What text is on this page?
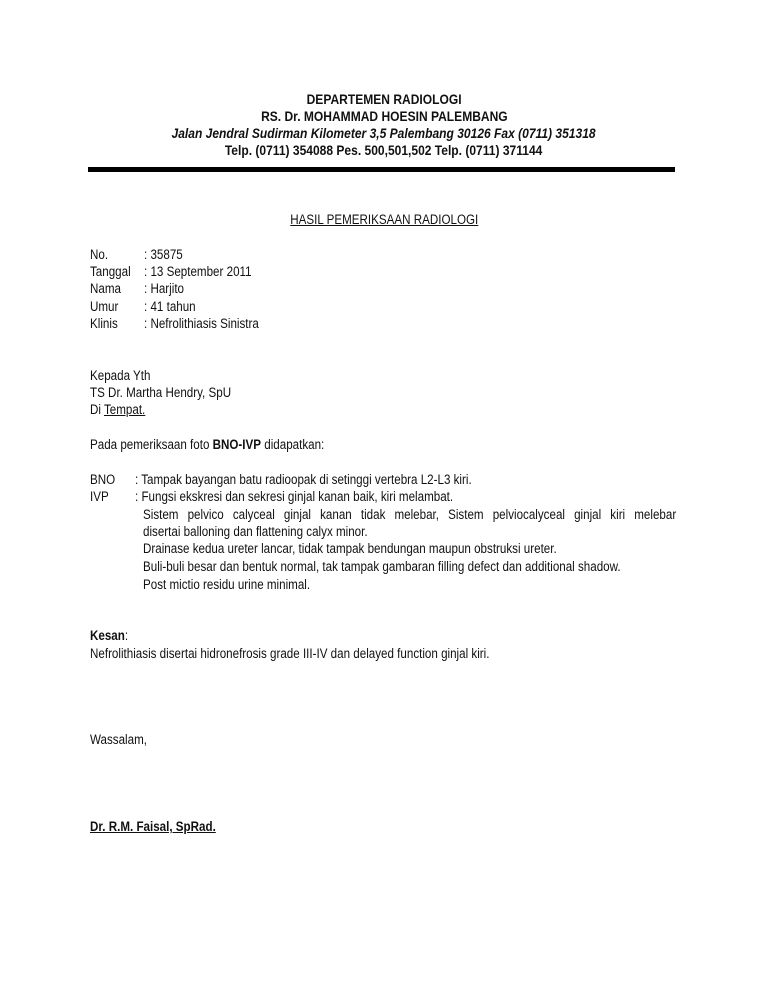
DEPARTEMEN RADIOLOGI
RS. Dr. MOHAMMAD HOESIN PALEMBANG
Jalan Jendral Sudirman Kilometer 3,5 Palembang 30126 Fax (0711) 351318
Telp. (0711) 354088 Pes. 500,501,502 Telp. (0711) 371144
HASIL PEMERIKSAAN RADIOLOGI
No.	: 35875
Tanggal : 13 September 2011
Nama : Harjito
Umur : 41 tahun
Klinis : Nefrolithiasis Sinistra
Kepada Yth
TS Dr. Martha Hendry, SpU
Di Tempat.
Pada pemeriksaan foto BNO-IVP didapatkan:
BNO : Tampak bayangan batu radioopak di setinggi vertebra L2-L3 kiri.
IVP : Fungsi ekskresi dan sekresi ginjal kanan baik, kiri melambat.
Sistem pelvico calyceal ginjal kanan tidak melebar, Sistem pelviocalyceal ginjal kiri melebar
disertai balloning dan flattening calyx minor.
Drainase kedua ureter lancar, tidak tampak bendungan maupun obstruksi ureter.
Buli-buli besar dan bentuk normal, tak tampak gambaran filling defect dan additional shadow.
Post mictio residu urine minimal.
Kesan:
Nefrolithiasis disertai hidronefrosis grade III-IV dan delayed function ginjal kiri.
Wassalam,
Dr. R.M. Faisal, SpRad.
